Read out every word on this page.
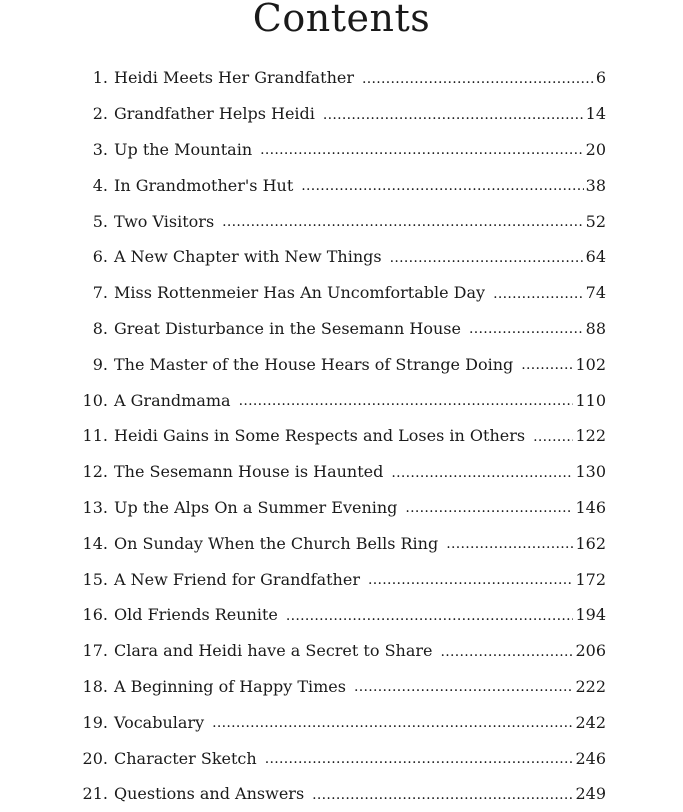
Contents
1. Heidi Meets Her Grandfather .....	6
2. Grandfather Helps Heidi .....	14
3. Up the Mountain .....	20
4. In Grandmother's Hut .....	38
5. Two Visitors .....	52
6. A New Chapter with New Things .....	64
7. Miss Rottenmeier Has An Uncomfortable Day .....	74
8. Great Disturbance in the Sesemann House .....	88
9. The Master of the House Hears of Strange Doing .....	102
10. A Grandmama .....	110
11. Heidi Gains in Some Respects and Loses in Others .....	122
12. The Sesemann House is Haunted .....	130
13. Up the Alps On a Summer Evening .....	146
14. On Sunday When the Church Bells Ring .....	162
15. A New Friend for Grandfather .....	172
16. Old Friends Reunite .....	194
17. Clara and Heidi have a Secret to Share .....	206
18. A Beginning of Happy Times .....	222
19. Vocabulary .....	242
20. Character Sketch .....	246
21. Questions and Answers .....	249
